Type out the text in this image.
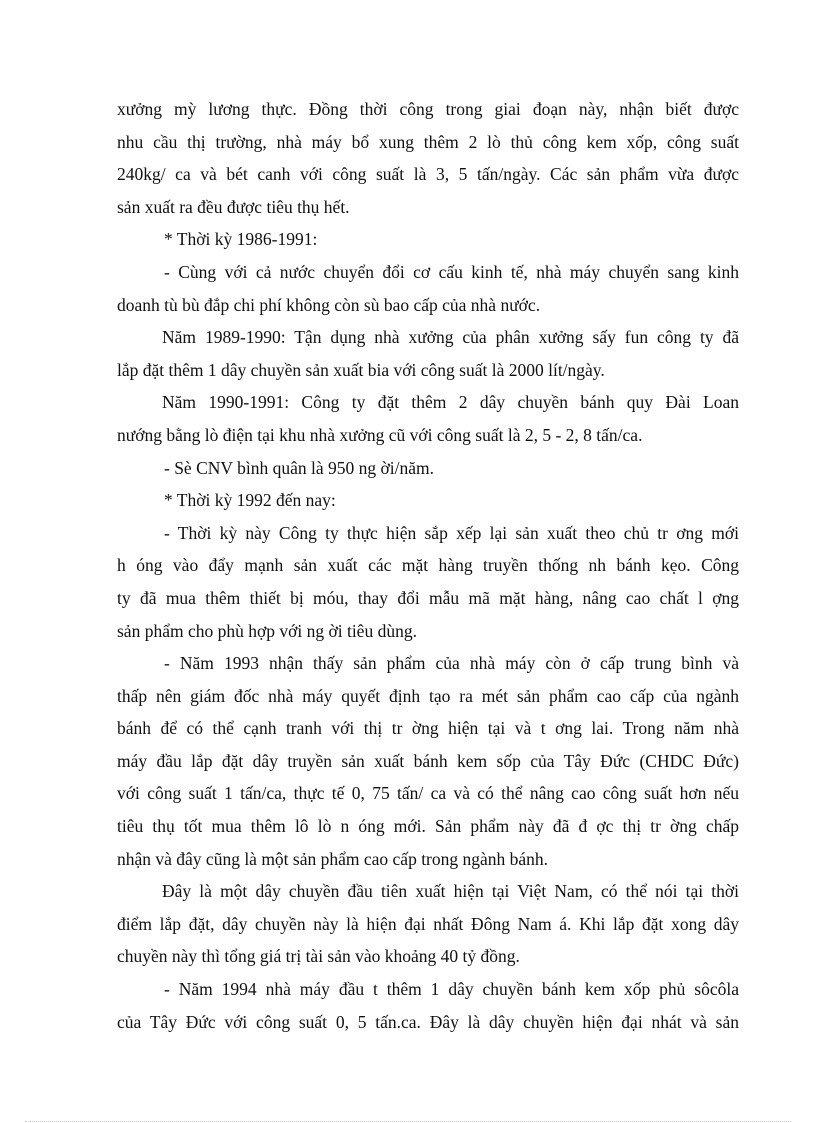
xưởng mỳ lương thực. Đồng thời công trong giai đoạn này, nhận biết được
nhu cầu thị trường, nhà máy bổ xung thêm 2 lò thủ công kem xốp, công suất
240kg/ ca và bét canh với công suất là 3, 5 tấn/ngày. Các sản phẩm vừa được
sản xuất ra đều được tiêu thụ hết.
* Thời kỳ 1986-1991:
- Cùng với cả nước chuyển đổi cơ cấu kinh tế, nhà máy chuyển sang kinh
doanh tù bù đắp chi phí không còn sù bao cấp của nhà nước.
Năm 1989-1990: Tận dụng nhà xưởng của phân xưởng sấy fun công ty đã
lắp đặt thêm 1 dây chuyền sản xuất bia với công suất là 2000 lít/ngày.
Năm 1990-1991: Công ty đặt thêm 2 dây chuyền bánh quy Đài Loan
nướng bằng lò điện tại khu nhà xưởng cũ với công suất là 2, 5 - 2, 8 tấn/ca.
- Sè CNV bình quân là 950 ng ời/năm.
* Thời kỳ 1992 đến nay:
- Thời kỳ này Công ty thực hiện sắp xếp lại sản xuất theo chủ tr ơng mới
h óng vào đẩy mạnh sản xuất các mặt hàng truyền thống nh bánh kẹo. Công
ty đã mua thêm thiết bị móu, thay đổi mẫu mã mặt hàng, nâng cao chất l ợng
sản phẩm cho phù hợp với ng ời tiêu dùng.
- Năm 1993 nhận thấy sản phẩm của nhà máy còn ở cấp trung bình và
thấp nên giám đốc nhà máy quyết định tạo ra mét sản phẩm cao cấp của ngành
bánh để có thể cạnh tranh với thị tr ờng hiện tại và t ơng lai. Trong năm nhà
máy đầu lắp đặt dây truyền sản xuất bánh kem sốp của Tây Đức (CHDC Đức)
với công suất 1 tấn/ca, thực tế 0, 75 tấn/ ca và có thể nâng cao công suất hơn nếu
tiêu thụ tốt mua thêm lô lò n óng mới. Sản phẩm này đã đ ợc thị tr ờng chấp
nhận và đây cũng là một sản phẩm cao cấp trong ngành bánh.
Đây là một dây chuyền đầu tiên xuất hiện tại Việt Nam, có thể nói tại thời
điểm lắp đặt, dây chuyền này là hiện đại nhất Đông Nam á. Khi lắp đặt xong dây
chuyền này thì tổng giá trị tài sản vào khoảng 40 tỷ đồng.
- Năm 1994 nhà máy đầu t thêm 1 dây chuyền bánh kem xốp phủ sôcôla
của Tây Đức với công suất 0, 5 tấn.ca. Đây là dây chuyền hiện đại nhát và sản
